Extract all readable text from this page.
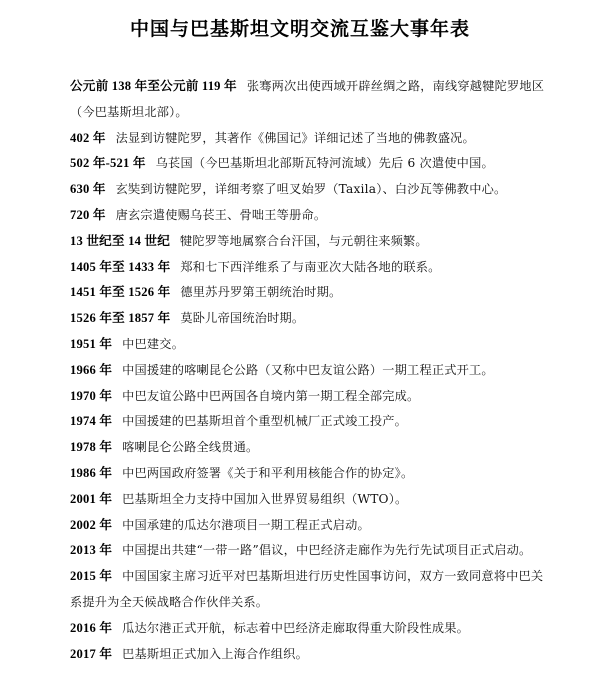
中国与巴基斯坦文明交流互鉴大事年表

公元前 138 年至公元前 119 年 张骞两次出使西域开辟丝绸之路，南线穿越犍陀罗地区（今巴基斯坦北部）。

402 年 法显到访犍陀罗，其著作《佛国记》详细记述了当地的佛教盛况。

502 年-521 年 乌苌国（今巴基斯坦北部斯瓦特河流域）先后 6 次遣使中国。

630 年 玄奘到访犍陀罗，详细考察了呾叉始罗（Taxila）、白沙瓦等佛教中心。

720 年 唐玄宗遣使赐乌苌王、骨咄王等册命。

13 世纪至 14 世纪 犍陀罗等地属察合台汗国，与元朝往来频繁。

1405 年至 1433 年 郑和七下西洋维系了与南亚次大陆各地的联系。

1451 年至 1526 年 德里苏丹罗第王朝统治时期。

1526 年至 1857 年 莫卧儿帝国统治时期。

1951 年 中巴建交。

1966 年 中国援建的喀喇昆仑公路（又称中巴友谊公路）一期工程正式开工。

1970 年 中巴友谊公路中巴两国各自境内第一期工程全部完成。

1974 年 中国援建的巴基斯坦首个重型机械厂正式竣工投产。

1978 年 喀喇昆仑公路全线贯通。

1986 年 中巴两国政府签署《关于和平利用核能合作的协定》。

2001 年 巴基斯坦全力支持中国加入世界贸易组织（WTO）。

2002 年 中国承建的瓜达尔港项目一期工程正式启动。

2013 年 中国提出共建“一带一路”倡议，中巴经济走廊作为先行先试项目正式启动。

2015 年 中国国家主席习近平对巴基斯坦进行历史性国事访问，双方一致同意将中巴关系提升为全天候战略合作伙伴关系。

2016 年 瓜达尔港正式开航，标志着中巴经济走廊取得重大阶段性成果。

2017 年 巴基斯坦正式加入上海合作组织。
